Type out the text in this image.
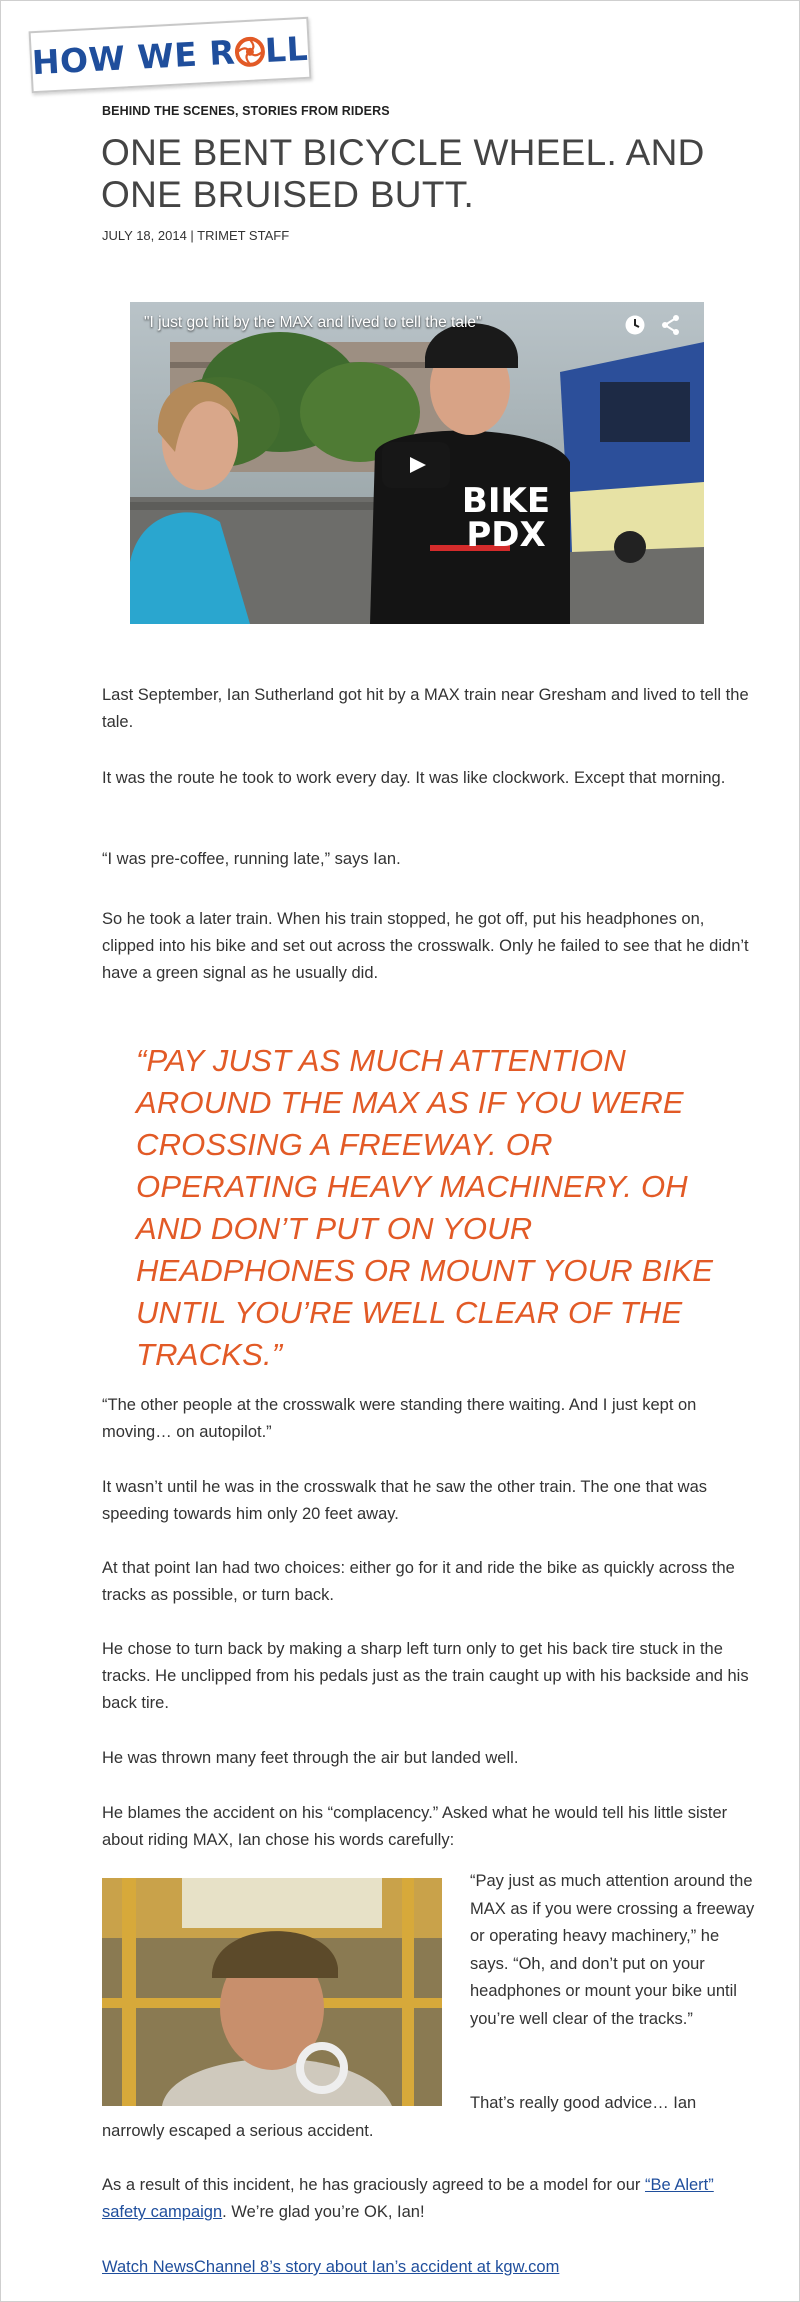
HOW WE R LL
BEHIND THE SCENES, STORIES FROM RIDERS
ONE BENT BICYCLE WHEEL. AND ONE BRUISED BUTT.
JULY 18, 2014 | TRIMET STAFF
"I just got hit by the MAX and lived to tell the tale"
BIKE
PDX

Last September, Ian Sutherland got hit by a MAX train near Gresham and lived to tell the tale.

It was the route he took to work every day. It was like clockwork. Except that morning.

“I was pre-coffee, running late,” says Ian.

So he took a later train. When his train stopped, he got off, put his headphones on, clipped into his bike and set out across the crosswalk. Only he failed to see that he didn’t have a green signal as he usually did.

“PAY JUST AS MUCH ATTENTION AROUND THE MAX AS IF YOU WERE CROSSING A FREEWAY. OR OPERATING HEAVY MACHINERY. OH AND DON’T PUT ON YOUR HEADPHONES OR MOUNT YOUR BIKE UNTIL YOU’RE WELL CLEAR OF THE TRACKS.”

“The other people at the crosswalk were standing there waiting. And I just kept on moving… on autopilot.”

It wasn’t until he was in the crosswalk that he saw the other train. The one that was speeding towards him only 20 feet away.

At that point Ian had two choices: either go for it and ride the bike as quickly across the tracks as possible, or turn back.

He chose to turn back by making a sharp left turn only to get his back tire stuck in the tracks. He unclipped from his pedals just as the train caught up with his backside and his back tire.

He was thrown many feet through the air but landed well.

He blames the accident on his “complacency.” Asked what he would tell his little sister about riding MAX, Ian chose his words carefully:

“Pay just as much attention around the MAX as if you were crossing a freeway or operating heavy machinery,” he says. “Oh, and don’t put on your headphones or mount your bike until you’re well clear of the tracks.”
That’s really good advice… Ian

narrowly escaped a serious accident.

As a result of this incident, he has graciously agreed to be a model for our “Be Alert” safety campaign. We’re glad you’re OK, Ian!

Watch NewsChannel 8’s story about Ian’s accident at kgw.com
